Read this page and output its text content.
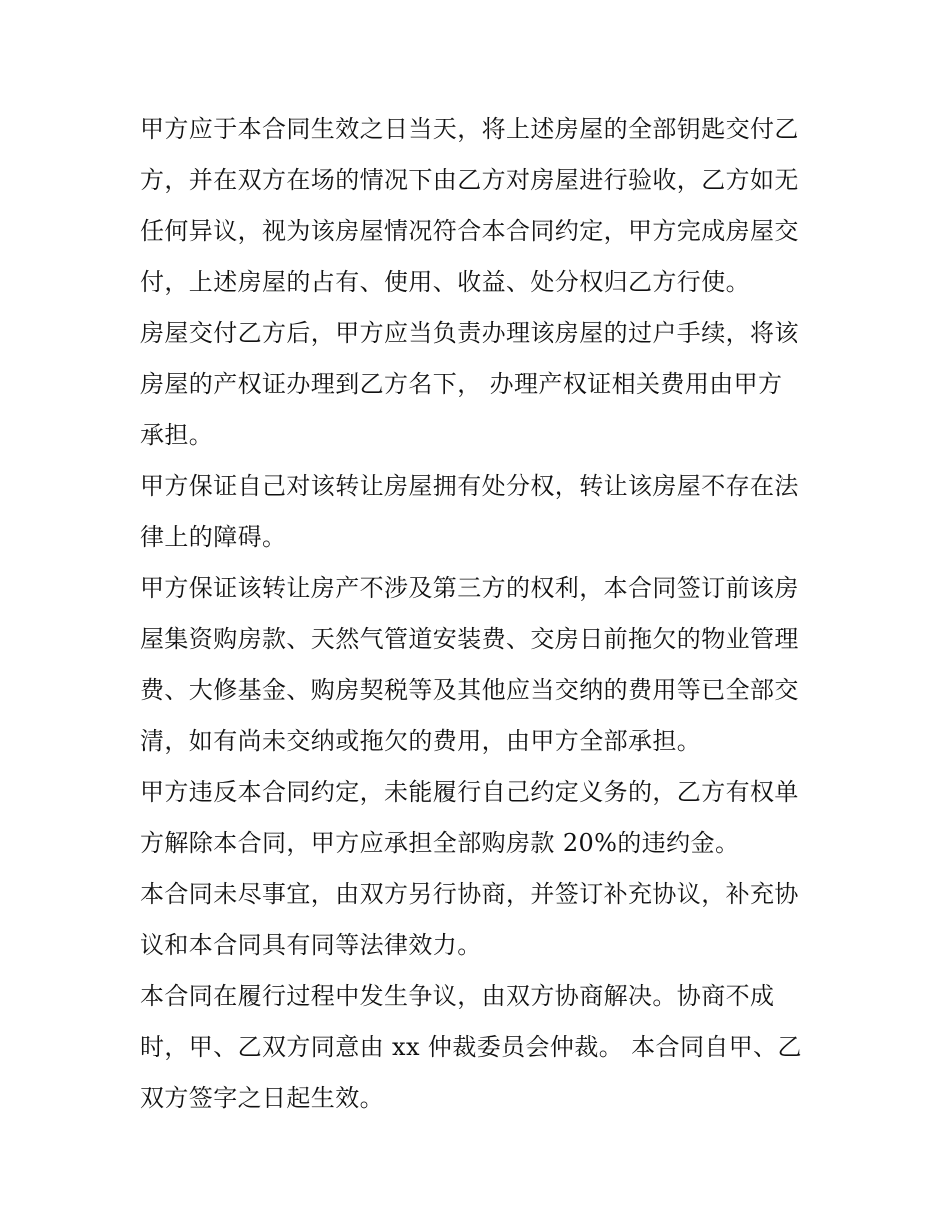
甲方应于本合同生效之日当天，将上述房屋的全部钥匙交付乙
方，并在双方在场的情况下由乙方对房屋进行验收，乙方如无
任何异议，视为该房屋情况符合本合同约定，甲方完成房屋交
付，上述房屋的占有、使用、收益、处分权归乙方行使。

房屋交付乙方后，甲方应当负责办理该房屋的过户手续，将该
房屋的产权证办理到乙方名下， 办理产权证相关费用由甲方
承担。

甲方保证自己对该转让房屋拥有处分权，转让该房屋不存在法
律上的障碍。

甲方保证该转让房产不涉及第三方的权利，本合同签订前该房
屋集资购房款、天然气管道安装费、交房日前拖欠的物业管理
费、大修基金、购房契税等及其他应当交纳的费用等已全部交
清，如有尚未交纳或拖欠的费用，由甲方全部承担。

甲方违反本合同约定，未能履行自己约定义务的，乙方有权单
方解除本合同，甲方应承担全部购房款 20%的违约金。

本合同未尽事宜，由双方另行协商，并签订补充协议，补充协
议和本合同具有同等法律效力。

本合同在履行过程中发生争议，由双方协商解决。协商不成
时，甲、乙双方同意由 xx 仲裁委员会仲裁。 本合同自甲、乙
双方签字之日起生效。
